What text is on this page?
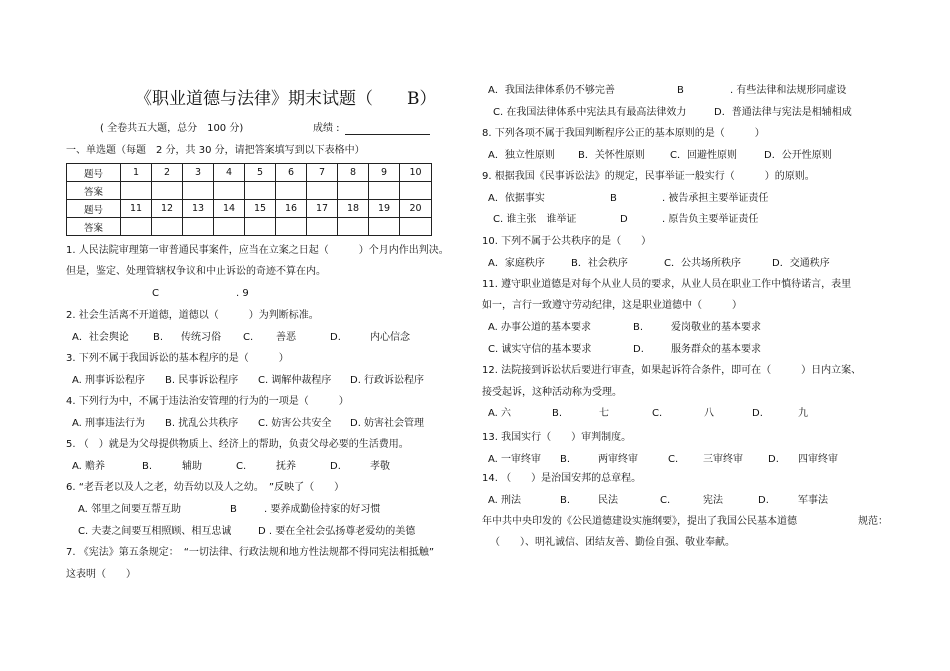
《职业道德与法律》期末试题（　　B）
( 全卷共五大题，总分　100 分)	成绩 :
一、单选题（每题　2 分，共 30 分，请把答案填写到以下表格中）
题号	1	2	3	4	5	6	7	8	9	10
答案										
题号	11	12	13	14	15	16	17	18	19	20
答案										
1. 人民法院审理第一审普通民事案件，应当在立案之日起（　　　）个月内作出判决。
但是，鉴定、处理管辖权争议和中止诉讼的奇迹不算在内。
C	. 9
2. 社会生活离不开道德，道德以（　　　）为判断标准。
A．社会舆论 B. 传统习俗 C. 善恶	D.	内心信念
3. 下列不属于我国诉讼的基本程序的是（　　　）
A. 刑事诉讼程序 B. 民事诉讼程序 C. 调解仲裁程序 D. 行政诉讼程序
4. 下列行为中，不属于违法治安管理的行为的一项是（　　　）
A. 刑事违法行为 B. 扰乱公共秩序 C. 妨害公共安全 D. 妨害社会管理
5. （　）就是为父母提供物质上、经济上的帮助，负责父母必要的生活费用。
A. 赡养	B.	辅助	C.	抚养	D.	孝敬
6. “老吾老以及人之老，幼吾幼以及人之幼。　”反映了（　　）
A. 邻里之间要互帮互助	B	. 要养成勤俭持家的好习惯
C. 夫妻之间要互相照顾、相互忠诚	D . 要在全社会弘扬尊老爱幼的美德
7. 《宪法》第五条规定：　“一切法律、行政法规和地方性法规都不得同宪法相抵触”
这表明（　　）
A．我国法律体系仍不够完善	B	. 有些法律和法规形同虚设
C. 在我国法律体系中宪法具有最高法律效力	D．普通法律与宪法是相辅相成
8. 下列各项不属于我国判断程序公正的基本原则的是（　　　）
A．独立性原则 B．关怀性原则	C．回避性原则	D．公开性原则
9. 根据我国《民事诉讼法》的规定，民事举证一般实行（　　　）的原则。
A．依据事实	B	. 被告承担主要举证责任
C. 谁主张　谁举证	D	. 原告负主要举证责任
10. 下列不属于公共秩序的是（　　）
A．家庭秩序	B．社会秩序	C．公共场所秩序	D．交通秩序
11. 遵守职业道德是对每个从业人员的要求，从业人员在职业工作中慎待诺言，表里
如一，言行一致遵守劳动纪律，这是职业道德中（　　　）
A. 办事公道的基本要求	B.	爱岗敬业的基本要求
C. 诚实守信的基本要求	D.	服务群众的基本要求
12. 法院接到诉讼状后要进行审查，如果起诉符合条件，即可在（　　　）日内立案、
接受起诉，这种活动称为受理。
A. 六	B.	七	C.	八	D.	九
13. 我国实行（　　）审判制度。
A. 一审终审 B.	两审终审	C. 三审终审	D. 四审终审
14. （　　）是治国安邦的总章程。
A. 刑法	B.	民法	C.	宪法	D.	军事法
年中共中央印发的《公民道德建设实施纲要》，提出了我国公民基本道德	规范：
（　　）、明礼诚信、团结友善、勤俭自强、敬业奉献。
